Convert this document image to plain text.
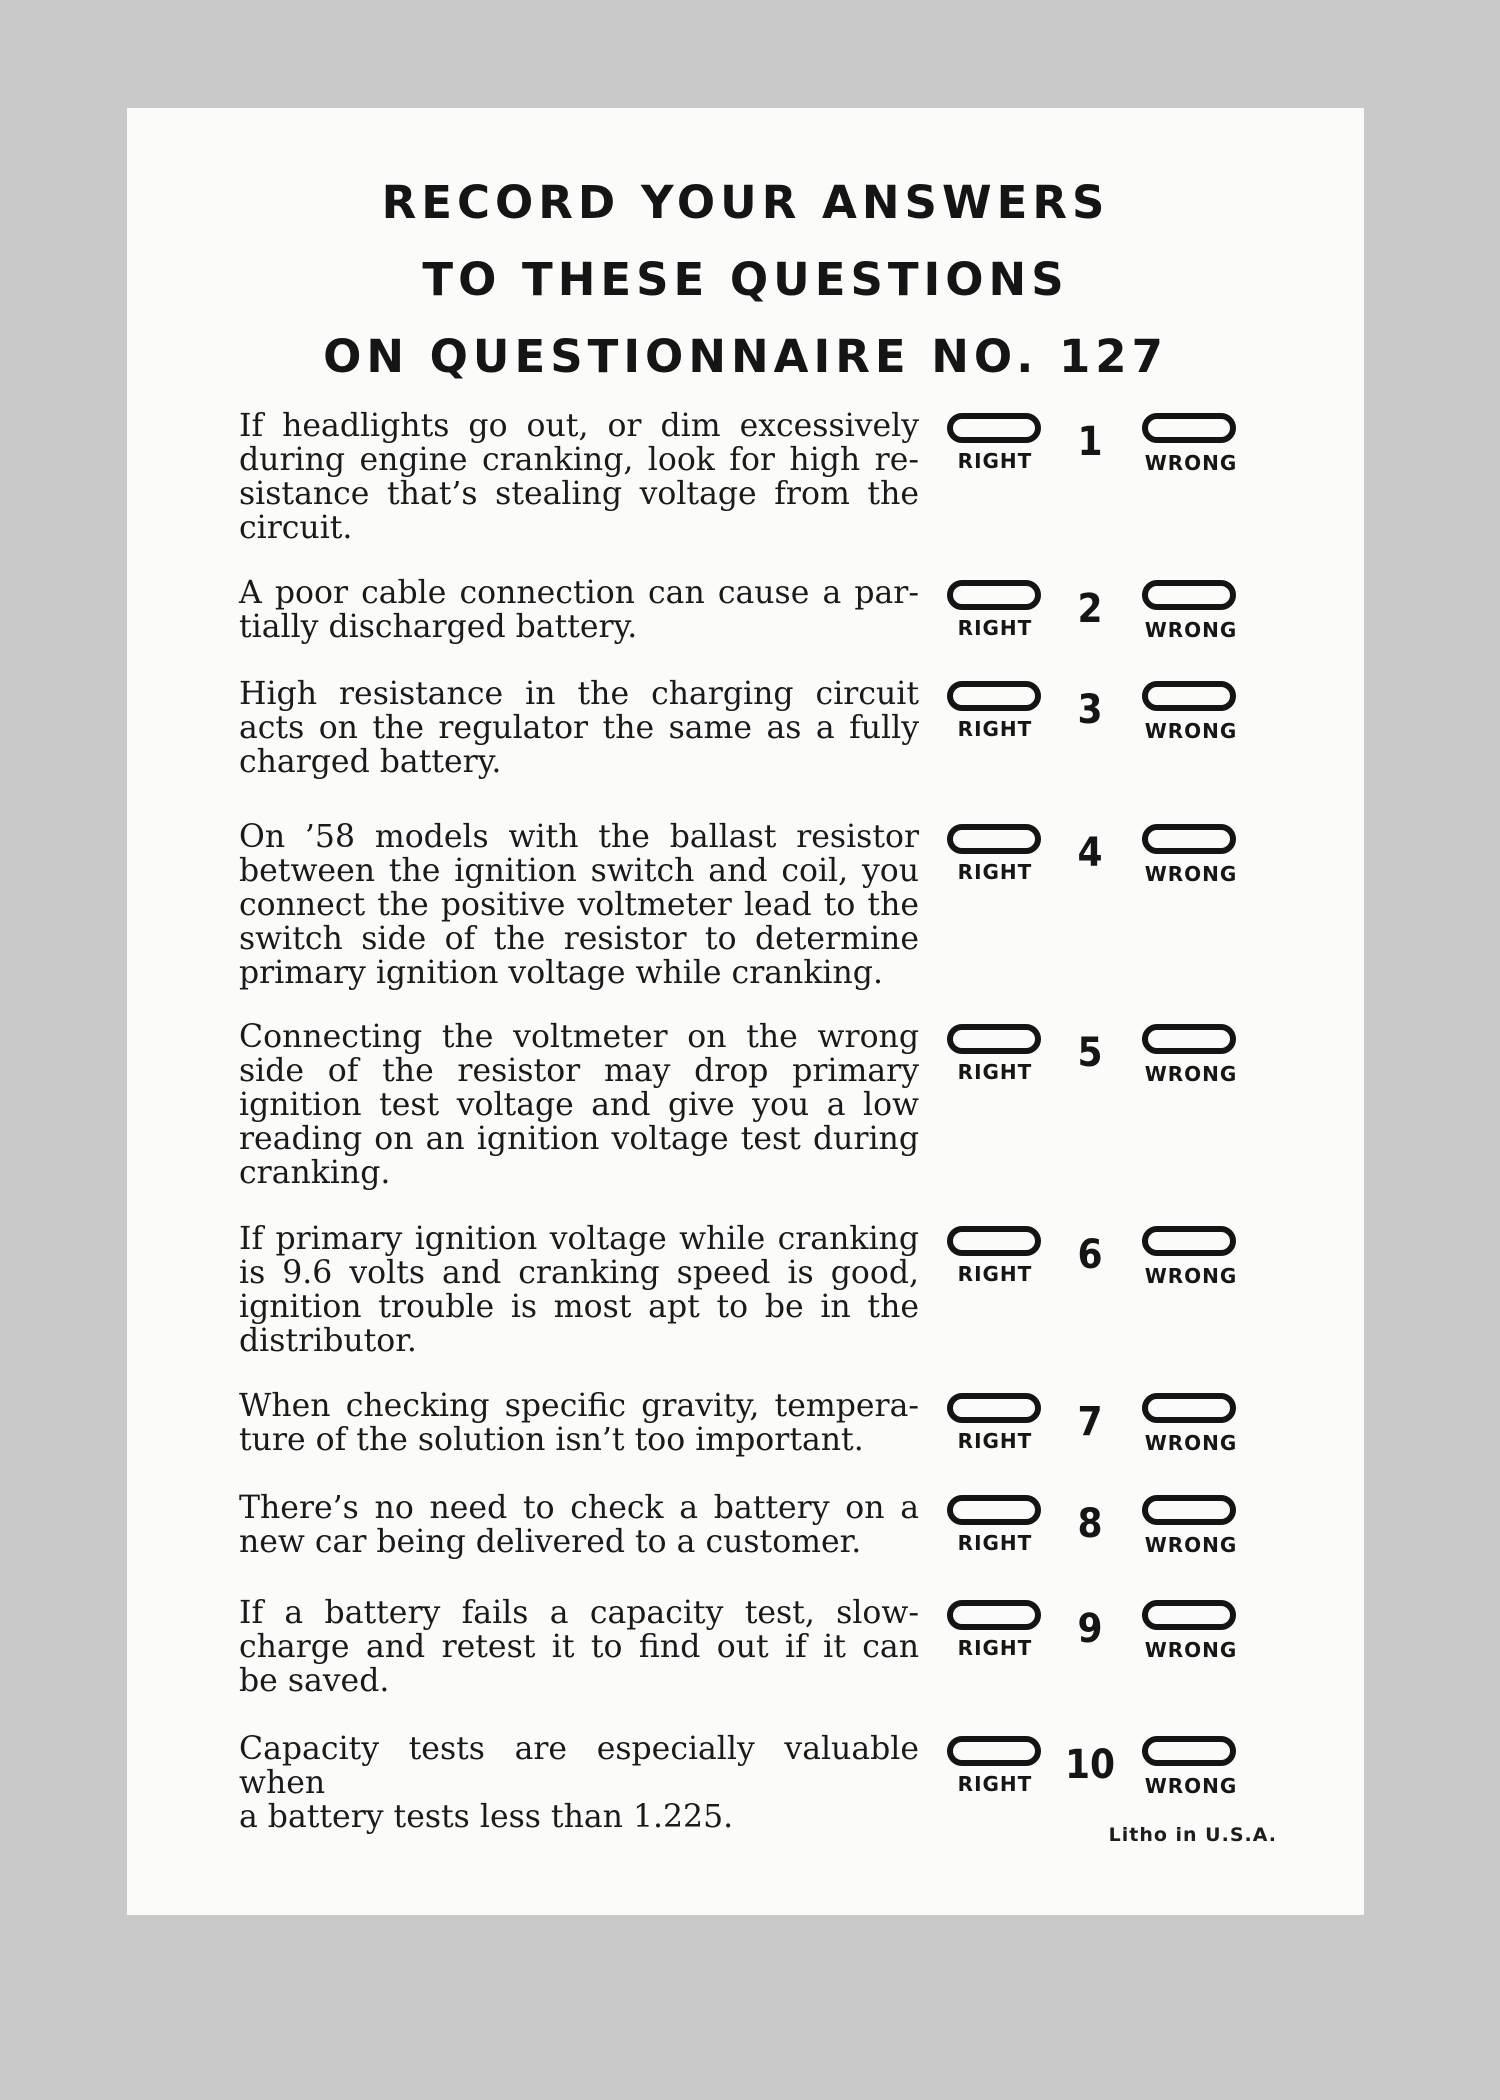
RECORD YOUR ANSWERS
TO THESE QUESTIONS
ON QUESTIONNAIRE NO. 127

If headlights go out, or dim excessively

during engine cranking, look for high re-

sistance that’s stealing voltage from the

circuit.

RIGHT	1	WRONG

A poor cable connection can cause a par-

tially discharged battery.	RIGHT	2	WRONG

High resistance in the charging circuit

acts on the regulator the same as a fully

charged battery.

RIGHT	3	WRONG

On ’58 models with the ballast resistor

between the ignition switch and coil, you

connect the positive voltmeter lead to the

switch side of the resistor to determine

primary ignition voltage while cranking.

RIGHT	4	WRONG

Connecting the voltmeter on the wrong

side of the resistor may drop primary

ignition test voltage and give you a low

reading on an ignition voltage test during

cranking.

RIGHT	5	WRONG

If primary ignition voltage while cranking

is 9.6 volts and cranking speed is good,

ignition trouble is most apt to be in the

distributor.

RIGHT	6	WRONG

When checking specific gravity, tempera-

ture of the solution isn’t too important.	RIGHT	7	WRONG

There’s no need to check a battery on a

new car being delivered to a customer.	RIGHT	8	WRONG

If a battery fails a capacity test, slow-

charge and retest it to find out if it can

be saved.

RIGHT	9	WRONG

Capacity tests are especially valuable when

a battery tests less than 1.225.

RIGHT 10	WRONG
Litho in U.S.A.
